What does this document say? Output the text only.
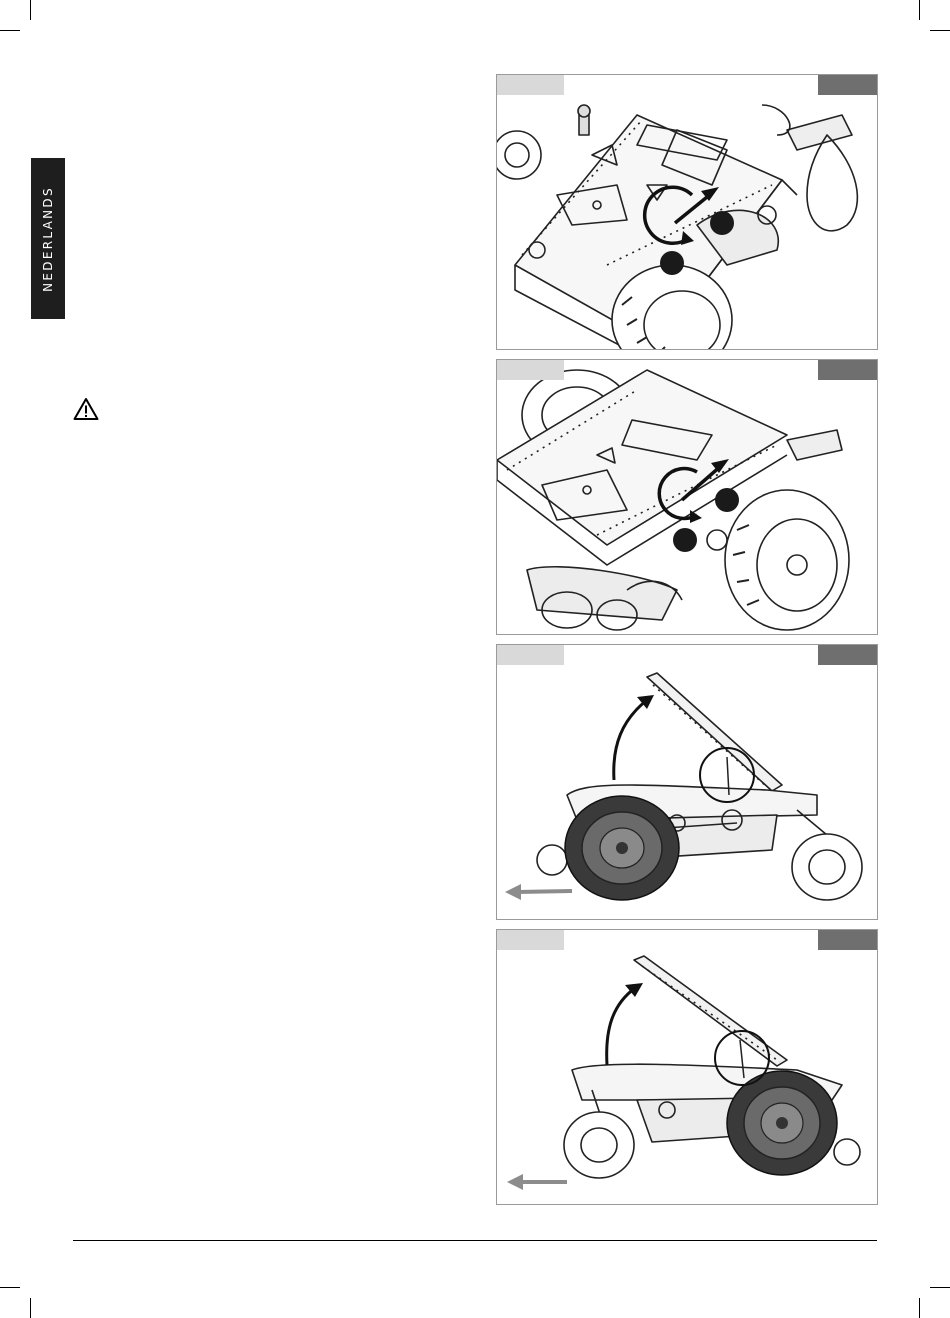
NEDERLANDS
